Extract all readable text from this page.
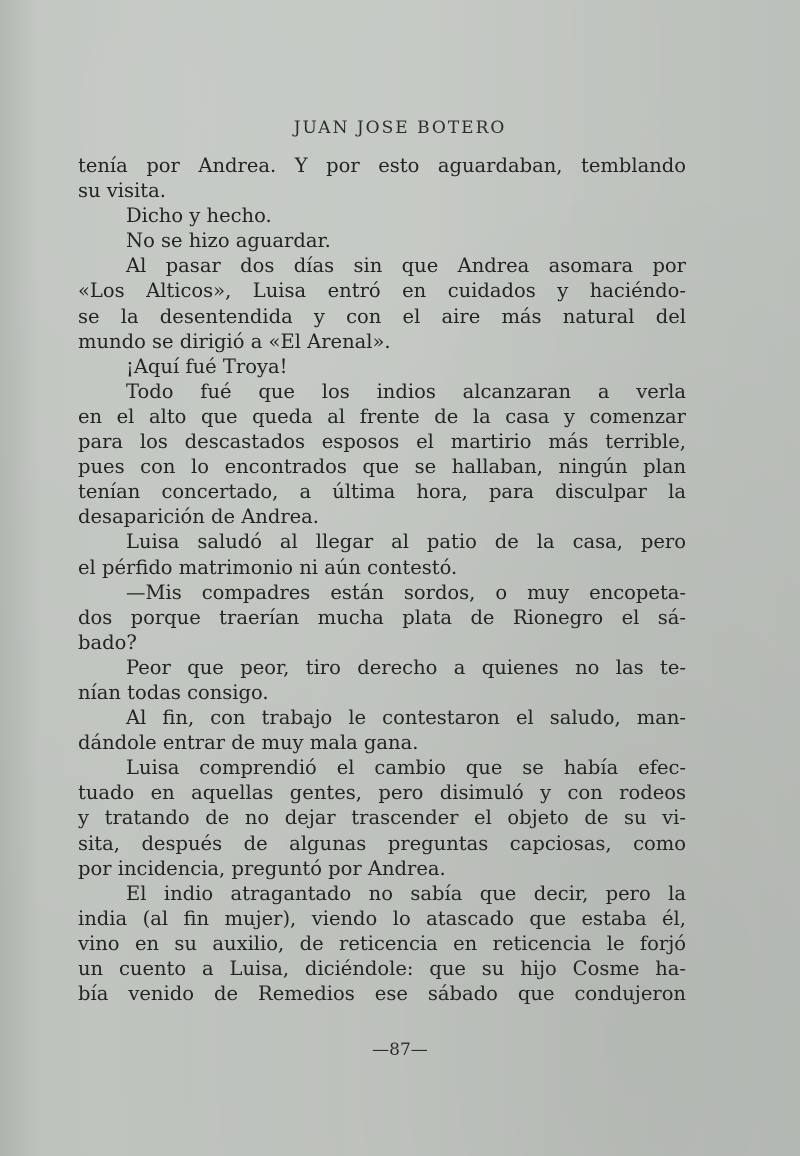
JUAN JOSE BOTERO
tenía por Andrea. Y por esto aguardaban, temblando
su visita.
Dicho y hecho.
No se hizo aguardar.
Al pasar dos días sin que Andrea asomara por
«Los Alticos», Luisa entró en cuidados y haciéndo-
se la desentendida y con el aire más natural del
mundo se dirigió a «El Arenal».
¡Aquí fué Troya!
Todo fué que los indios alcanzaran a verla
en el alto que queda al frente de la casa y comenzar
para los descastados esposos el martirio más terrible,
pues con lo encontrados que se hallaban, ningún plan
tenían concertado, a última hora, para disculpar la
desaparición de Andrea.
Luisa saludó al llegar al patio de la casa, pero
el pérfido matrimonio ni aún contestó.
—Mis compadres están sordos, o muy encopeta-
dos porque traerían mucha plata de Rionegro el sá-
bado?
Peor que peor, tiro derecho a quienes no las te-
nían todas consigo.
Al fin, con trabajo le contestaron el saludo, man-
dándole entrar de muy mala gana.
Luisa comprendió el cambio que se había efec-
tuado en aquellas gentes, pero disimuló y con rodeos
y tratando de no dejar trascender el objeto de su vi-
sita, después de algunas preguntas capciosas, como
por incidencia, preguntó por Andrea.
El indio atragantado no sabía que decir, pero la
india (al fin mujer), viendo lo atascado que estaba él,
vino en su auxilio, de reticencia en reticencia le forjó
un cuento a Luisa, diciéndole: que su hijo Cosme ha-
bía venido de Remedios ese sábado que condujeron
—87—
